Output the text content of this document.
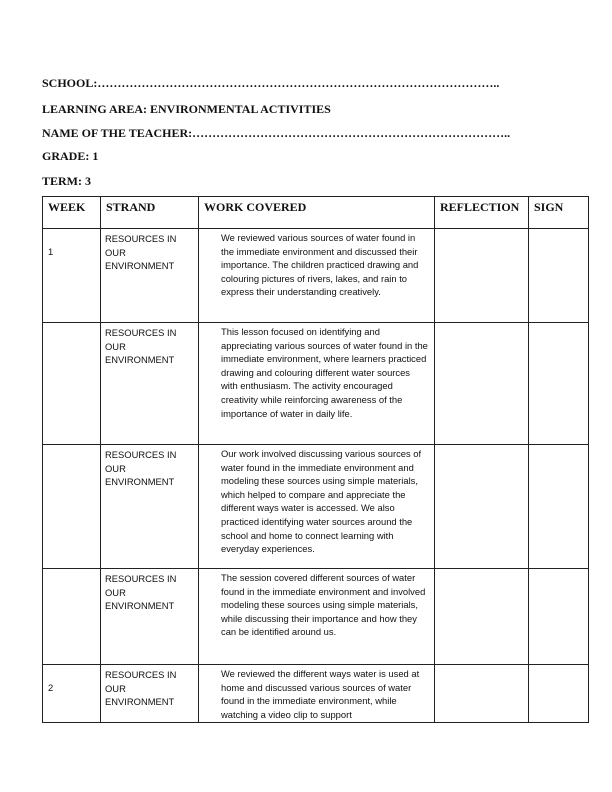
SCHOOL:………………………………………………………………………………………..
LEARNING AREA: ENVIRONMENTAL ACTIVITIES
NAME OF THE TEACHER:……………………………………………………………………..
GRADE: 1
TERM: 3
WEEK	STRAND	WORK COVERED	REFLECTION	SIGN
1	RESOURCES IN OUR ENVIRONMENT	We reviewed various sources of water found in the immediate environment and discussed their importance. The children practiced drawing and colouring pictures of rivers, lakes, and rain to express their understanding creatively.		
	RESOURCES IN OUR ENVIRONMENT	This lesson focused on identifying and appreciating various sources of water found in the immediate environment, where learners practiced drawing and colouring different water sources with enthusiasm. The activity encouraged creativity while reinforcing awareness of the importance of water in daily life.		
	RESOURCES IN OUR ENVIRONMENT	Our work involved discussing various sources of water found in the immediate environment and modeling these sources using simple materials, which helped to compare and appreciate the different ways water is accessed. We also practiced identifying water sources around the school and home to connect learning with everyday experiences.		
	RESOURCES IN OUR ENVIRONMENT	The session covered different sources of water found in the immediate environment and involved modeling these sources using simple materials, while discussing their importance and how they can be identified around us.		
2	RESOURCES IN OUR ENVIRONMENT	We reviewed the different ways water is used at home and discussed various sources of water found in the immediate environment, while watching a video clip to support		
